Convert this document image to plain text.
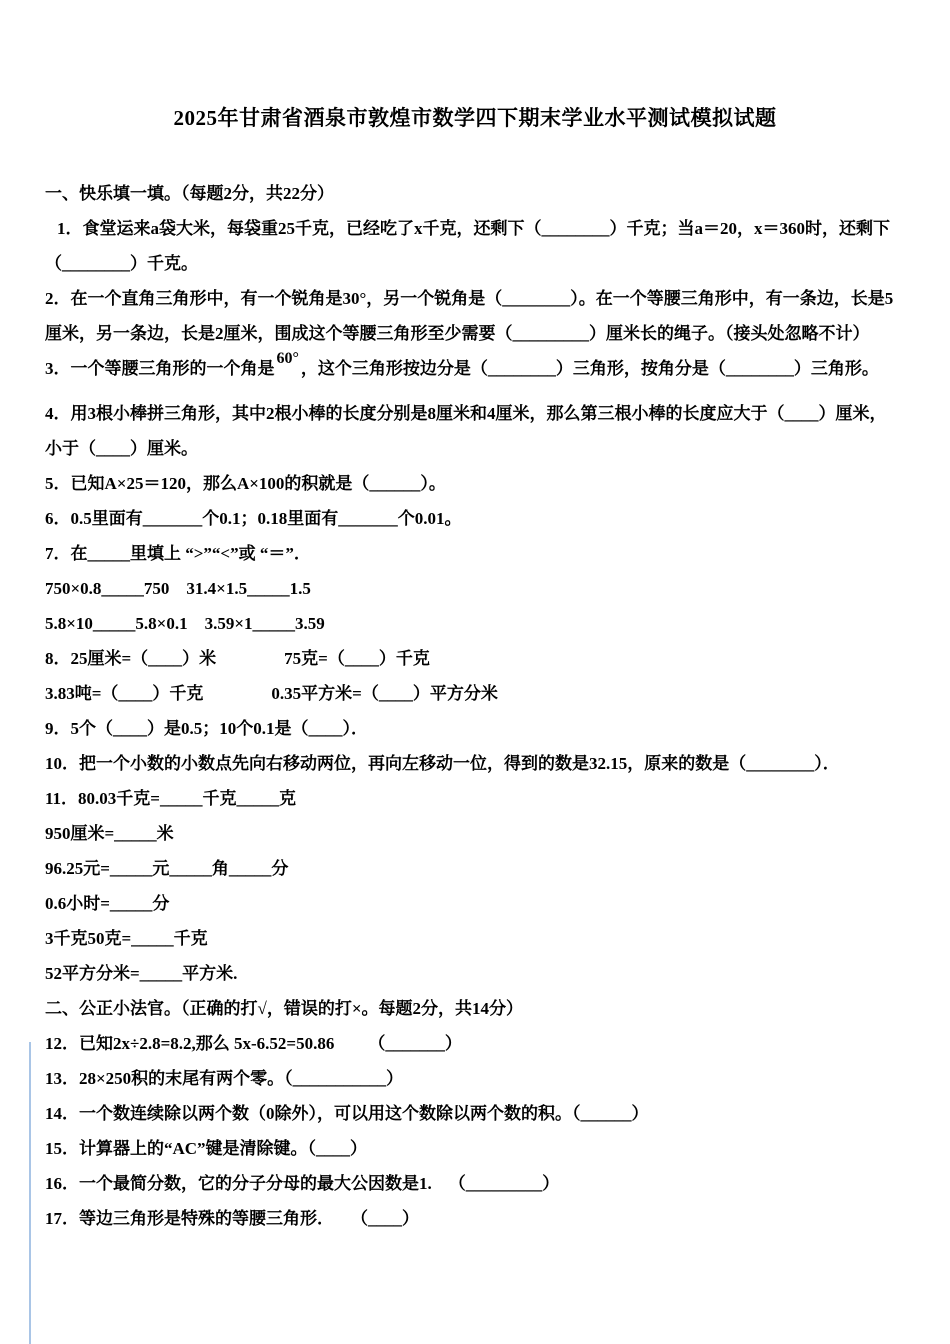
2025年甘肃省酒泉市敦煌市数学四下期末学业水平测试模拟试题

一、快乐填一填。（每题2分，共22分）

1．食堂运来a袋大米，每袋重25千克，已经吃了x千克，还剩下（________）千克；当a＝20，x＝360时，还剩下

（________）千克。

2．在一个直角三角形中，有一个锐角是30°，另一个锐角是（________）。在一个等腰三角形中，有一条边，长是5

厘米，另一条边，长是2厘米，围成这个等腰三角形至少需要（_________）厘米长的绳子。（接头处忽略不计）

3．一个等腰三角形的一个角是60°，这个三角形按边分是（________）三角形，按角分是（________）三角形。

4．用3根小棒拼三角形，其中2根小棒的长度分别是8厘米和4厘米，那么第三根小棒的长度应大于（____）厘米，

小于（____）厘米。

5．已知A×25＝120，那么A×100的积就是（______）。

6．0.5里面有_______个0.1；0.18里面有_______个0.01。

7．在_____里填上 “>”“<”或 “＝”．

750×0.8_____750    31.4×1.5_____1.5

5.8×10_____5.8×0.1    3.59×1_____3.59

8．25厘米=（____）米                75克=（____）千克

3.83吨=（____）千克                0.35平方米=（____）平方分米

9．5个（____）是0.5；10个0.1是（____）．

10．把一个小数的小数点先向右移动两位，再向左移动一位，得到的数是32.15，原来的数是（________）．

11．80.03千克=_____千克_____克

950厘米=_____米

96.25元=_____元_____角_____分

0.6小时=_____分

3千克50克=_____千克

52平方分米=_____平方米.

二、公正小法官。（正确的打√，错误的打×。每题2分，共14分）

12．已知2x÷2.8=8.2,那么 5x-6.52=50.86        （_______）

13．28×250积的末尾有两个零。（___________）

14．一个数连续除以两个数（0除外），可以用这个数除以两个数的积。（______）

15．计算器上的“AC”键是清除键。（____）

16．一个最简分数，它的分子分母的最大公因数是1.    （_________）

17．等边三角形是特殊的等腰三角形．    （____）
